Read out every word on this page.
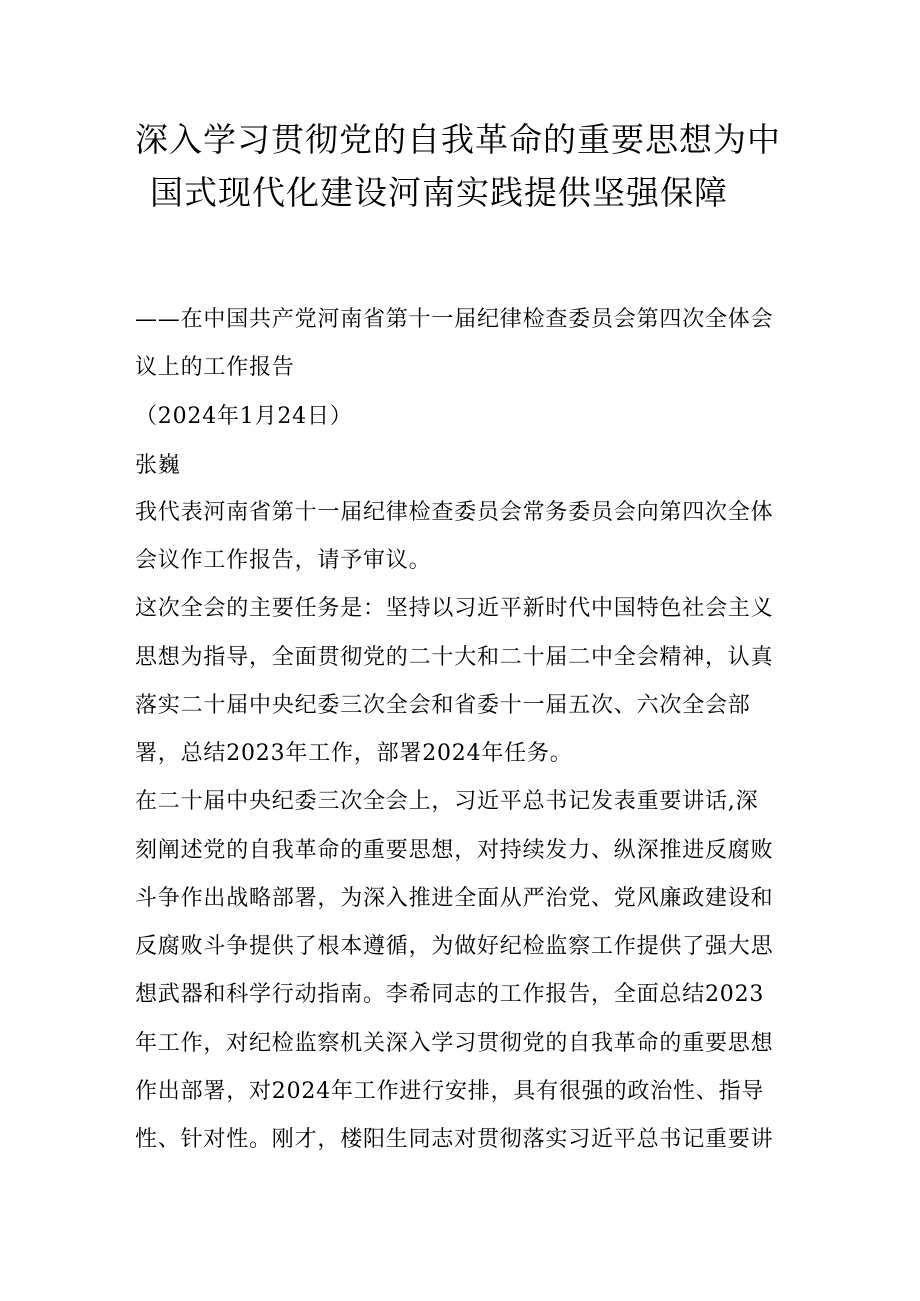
深入学习贯彻党的自我革命的重要思想为中
国式现代化建设河南实践提供坚强保障
——在中国共产党河南省第十一届纪律检查委员会第四次全体会
议上的工作报告
（2024年1月24日）
张巍
我代表河南省第十一届纪律检查委员会常务委员会向第四次全体
会议作工作报告，请予审议。
这次全会的主要任务是：坚持以习近平新时代中国特色社会主义
思想为指导，全面贯彻党的二十大和二十届二中全会精神，认真
落实二十届中央纪委三次全会和省委十一届五次、六次全会部
署，总结2023年工作，部署2024年任务。
在二十届中央纪委三次全会上，习近平总书记发表重要讲话,深
刻阐述党的自我革命的重要思想，对持续发力、纵深推进反腐败
斗争作出战略部署，为深入推进全面从严治党、党风廉政建设和
反腐败斗争提供了根本遵循，为做好纪检监察工作提供了强大思
想武器和科学行动指南。李希同志的工作报告，全面总结2023
年工作，对纪检监察机关深入学习贯彻党的自我革命的重要思想
作出部署，对2024年工作进行安排，具有很强的政治性、指导
性、针对性。刚才，楼阳生同志对贯彻落实习近平总书记重要讲
